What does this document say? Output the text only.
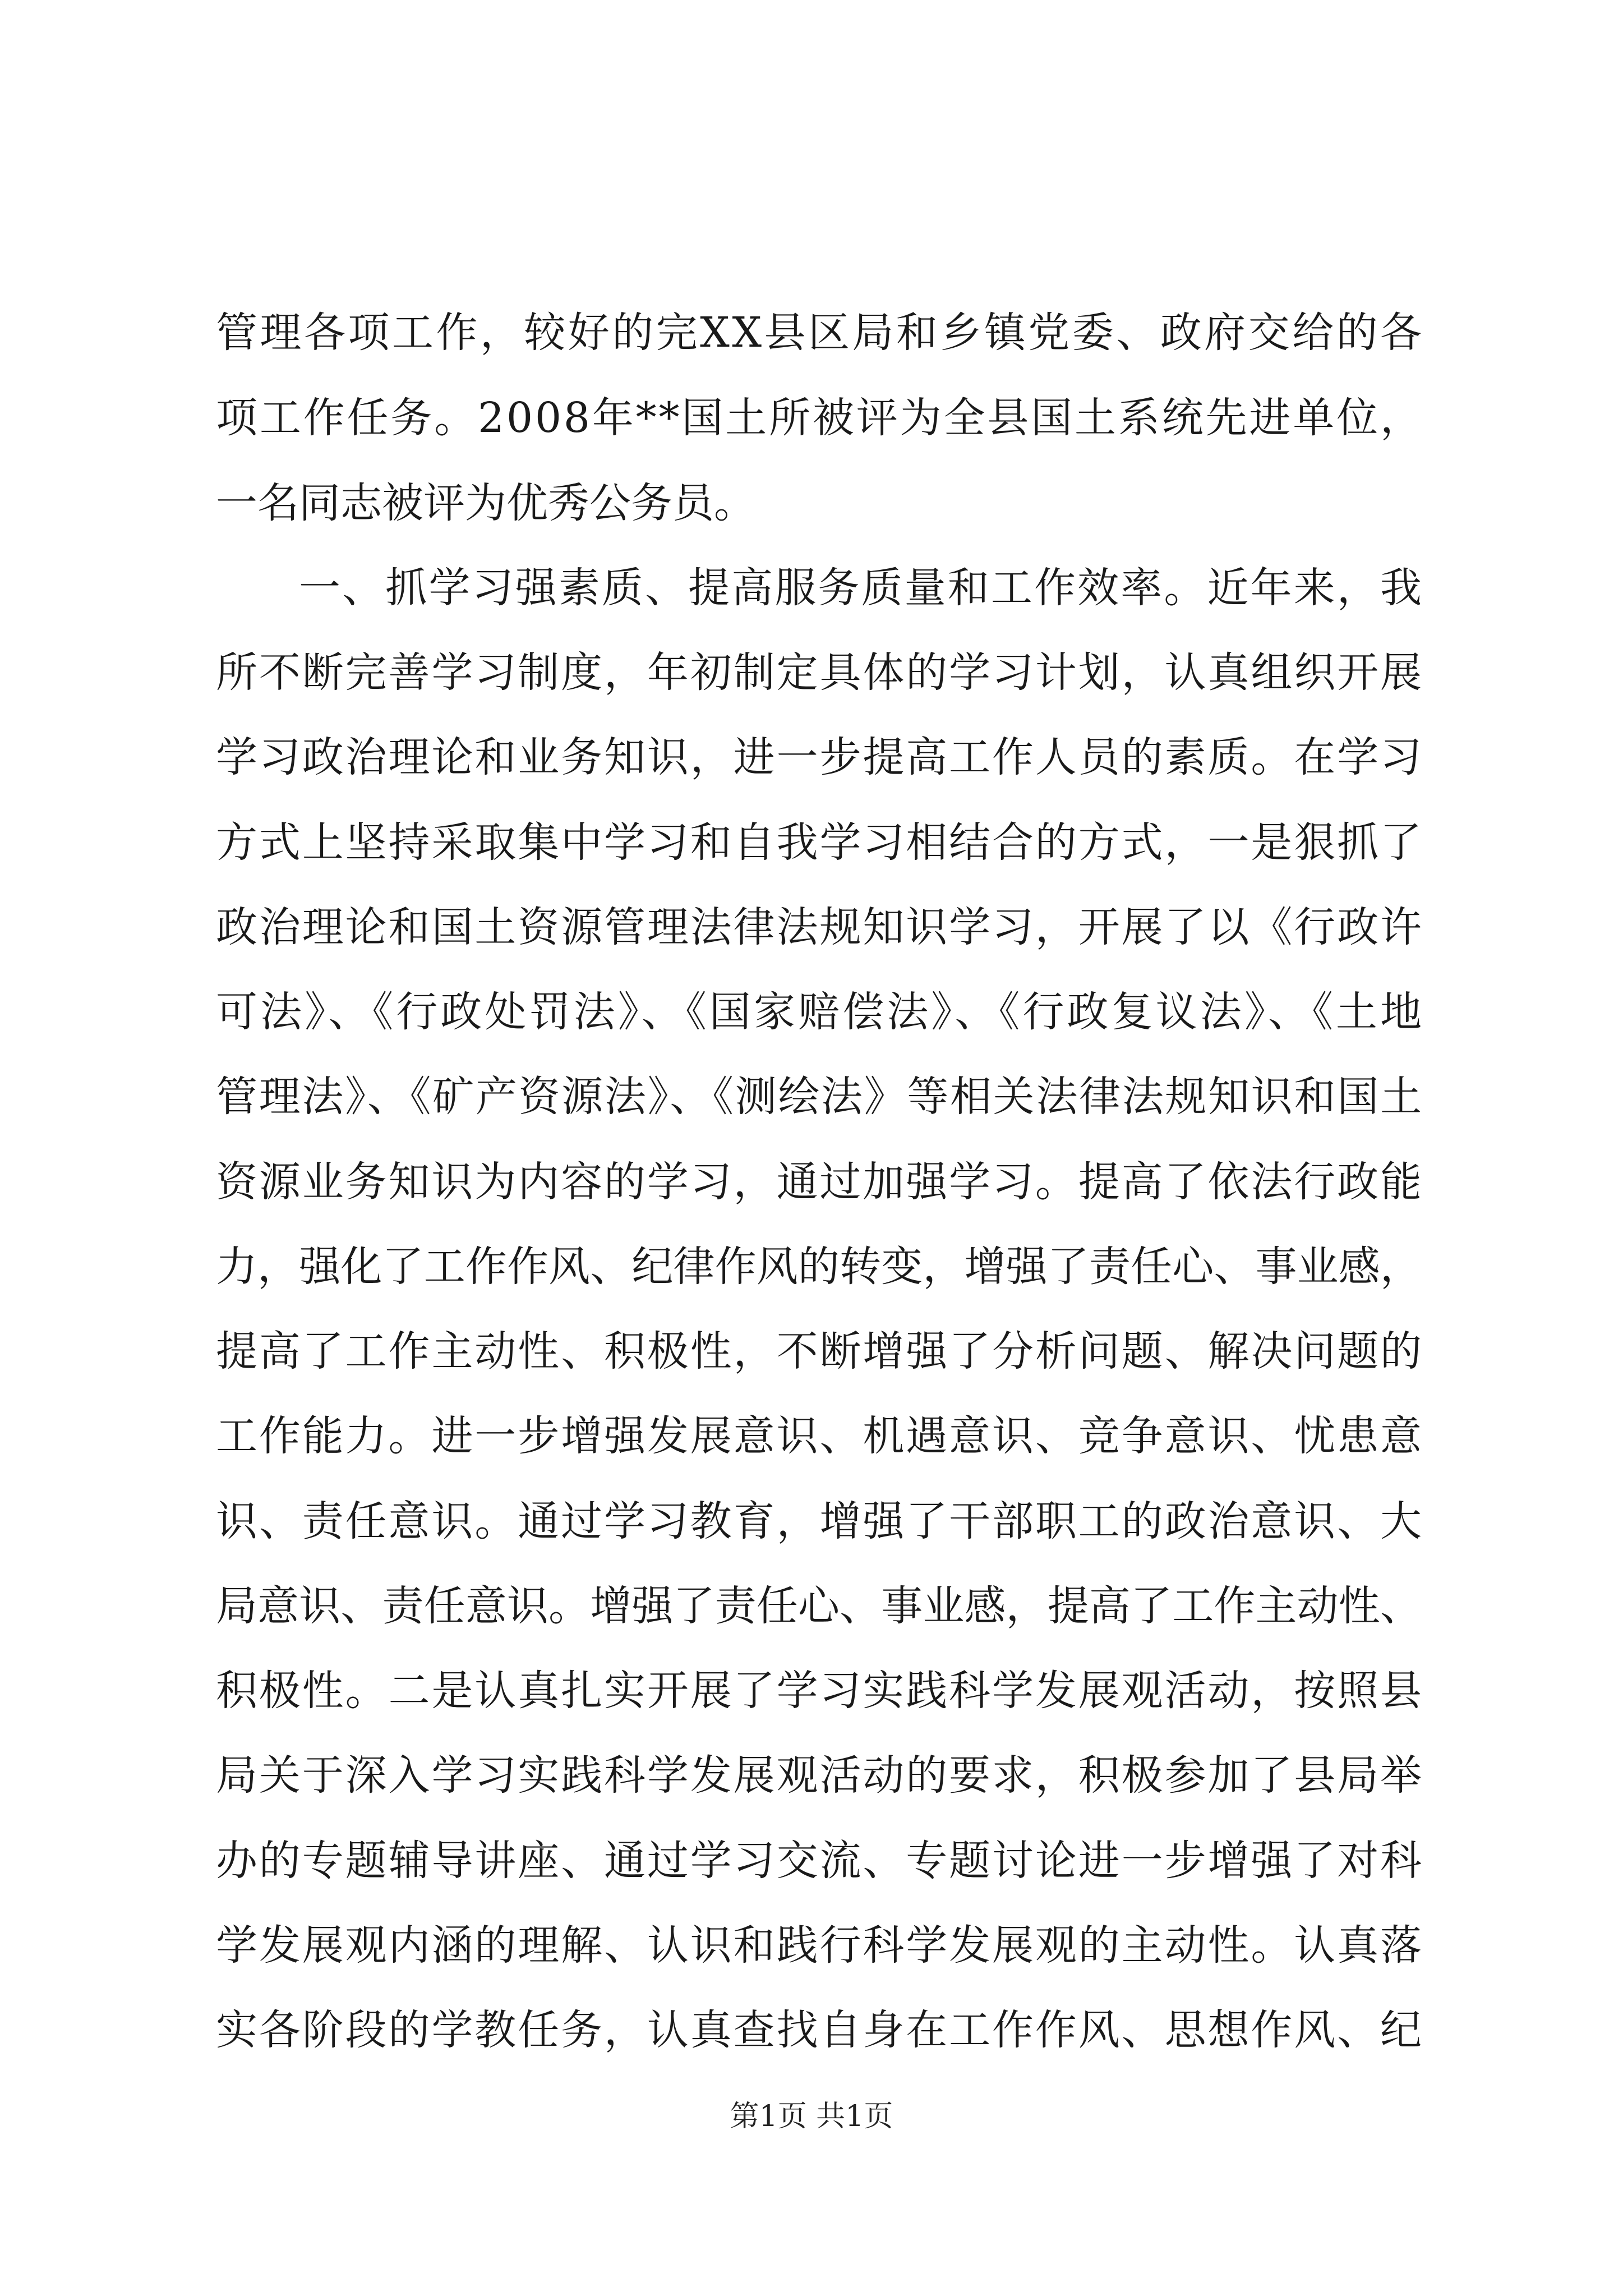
管理各项工作，较好的完XX县区局和乡镇党委、政府交给的各
项工作任务。2008年**国土所被评为全县国土系统先进单位，
一名同志被评为优秀公务员。
一、抓学习强素质、提高服务质量和工作效率。近年来，我
所不断完善学习制度，年初制定具体的学习计划，认真组织开展
学习政治理论和业务知识，进一步提高工作人员的素质。在学习
方式上坚持采取集中学习和自我学习相结合的方式，一是狠抓了
政治理论和国土资源管理法律法规知识学习，开展了以《行政许
可法》、《行政处罚法》、《国家赔偿法》、《行政复议法》、《土地
管理法》、《矿产资源法》、《测绘法》等相关法律法规知识和国土
资源业务知识为内容的学习，通过加强学习。提高了依法行政能
力，强化了工作作风、纪律作风的转变，增强了责任心、事业感，
提高了工作主动性、积极性，不断增强了分析问题、解决问题的
工作能力。进一步增强发展意识、机遇意识、竞争意识、忧患意
识、责任意识。通过学习教育，增强了干部职工的政治意识、大
局意识、责任意识。增强了责任心、事业感，提高了工作主动性、
积极性。二是认真扎实开展了学习实践科学发展观活动，按照县
局关于深入学习实践科学发展观活动的要求，积极参加了县局举
办的专题辅导讲座、通过学习交流、专题讨论进一步增强了对科
学发展观内涵的理解、认识和践行科学发展观的主动性。认真落
实各阶段的学教任务，认真查找自身在工作作风、思想作风、纪
第1页 共1页
